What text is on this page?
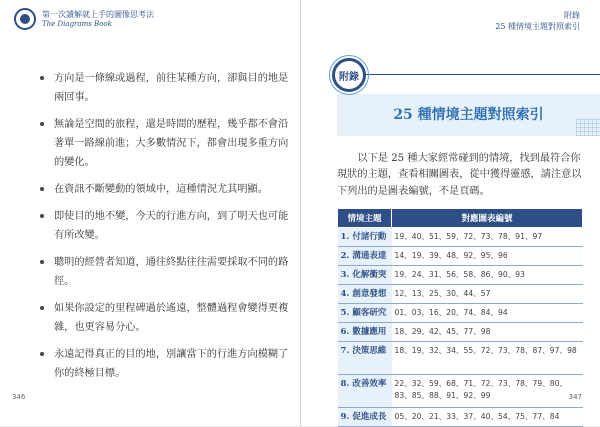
第一次讀解就上手的圖像思考法
The Diagrams Book
方向是一條線或過程，前往某種方向，卻與目的地是兩回事。
無論是空間的旅程，還是時間的歷程，幾乎都不會沿著單一路線前進；大多數情況下，都會出現多重方向的變化。
在資訊不斷變動的領域中，這種情況尤其明顯。
即使目的地不變，今天的行進方向，到了明天也可能有所改變。
聰明的經營者知道，通往終點往往需要採取不同的路徑。
如果你設定的里程碑過於遙遠，整體過程會變得更複雜，也更容易分心。
永遠記得真正的目的地，別讓當下的行進方向模糊了你的終極目標。
346
附錄
25 種情境主題對照索引
附錄
25 種情境主題對照索引

以下是 25 種大家經常碰到的情境，找到最符合你現狀的主題，查看相關圖表，從中獲得靈感，請注意以下列出的是圖表編號，不是頁碼。

情境主題	對應圖表編號
1. 付諸行動	19、40、51、59、72、73、78、91、97
2. 溝通表達	14、19、39、48、92、95、96
3. 化解衝突	19、24、31、56、58、86、90、93
4. 創意發想	12、13、25、30、44、57
5. 顧客研究	01、03、16、20、74、84、94
6. 數據應用	18、29、42、45、77、98
7. 決策思維	18、19、32、34、55、72、73、78、87、97、98
8. 改善效率	22、32、59、68、71、72、73、78、79、80、83、85、88、91、92、99
9. 促進成長	05、20、21、33、37、40、54、75、77、84
347
